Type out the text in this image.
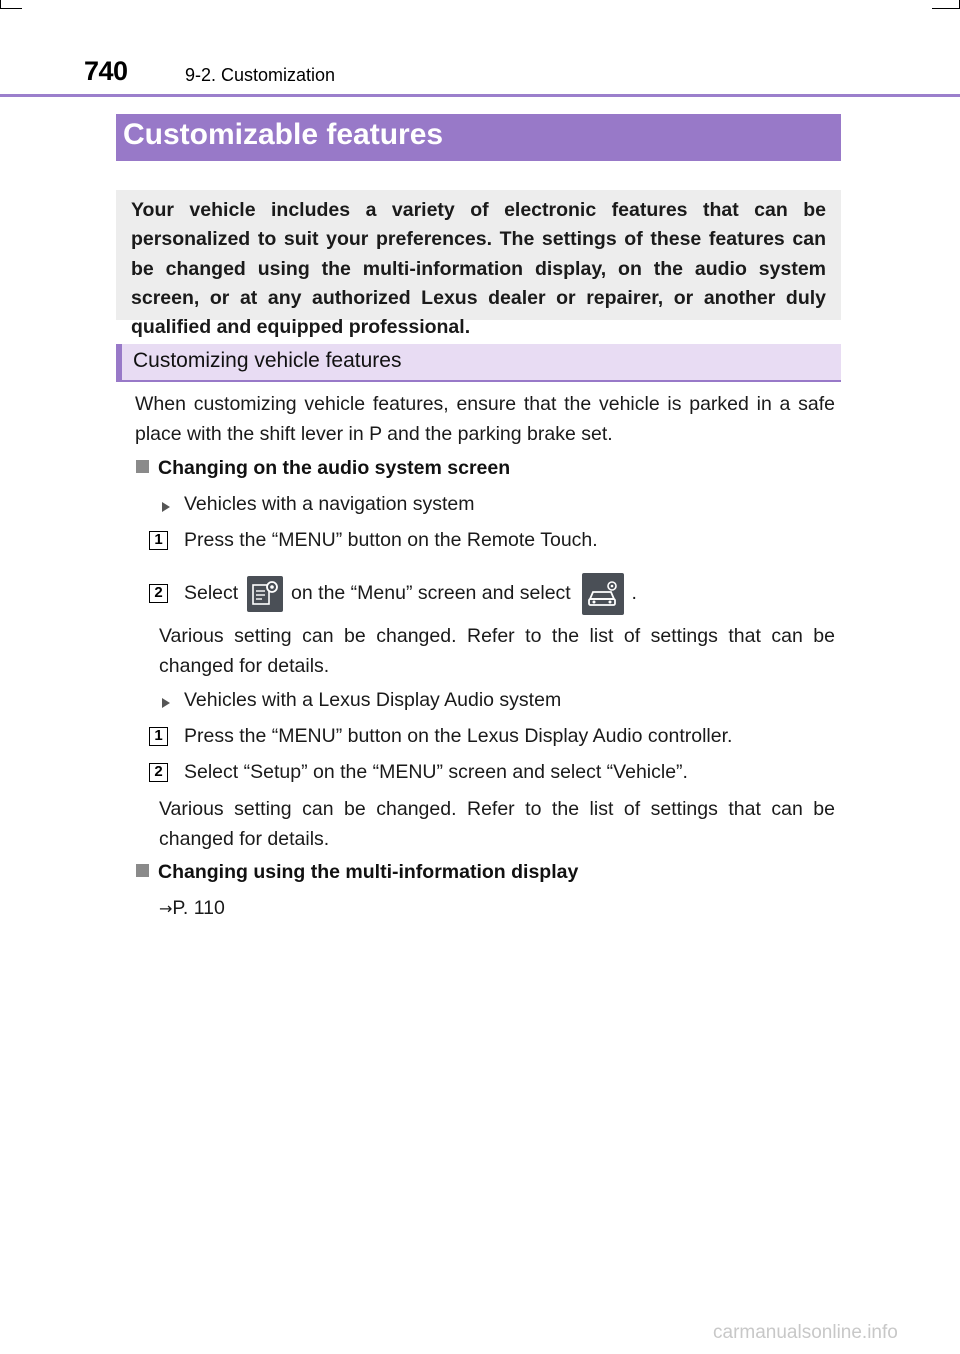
740	9-2. Customization
Customizable features
Your vehicle includes a variety of electronic features that can be personalized to suit your preferences. The settings of these features can be changed using the multi-information display, on the audio system screen, or at any authorized Lexus dealer or repairer, or another duly qualified and equipped professional.
Customizing vehicle features
When customizing vehicle features, ensure that the vehicle is parked in a safe place with the shift lever in P and the parking brake set.
Changing on the audio system screen
Vehicles with a navigation system
1 Press the “MENU” button on the Remote Touch.
2 Select	on the “Menu” screen and select	.
Various setting can be changed. Refer to the list of settings that can be changed for details.
Vehicles with a Lexus Display Audio system
1 Press the “MENU” button on the Lexus Display Audio controller.
2 Select “Setup” on the “MENU” screen and select “Vehicle”.
Various setting can be changed. Refer to the list of settings that can be changed for details.
Changing using the multi-information display
→P. 110
carmanualsonline.info
